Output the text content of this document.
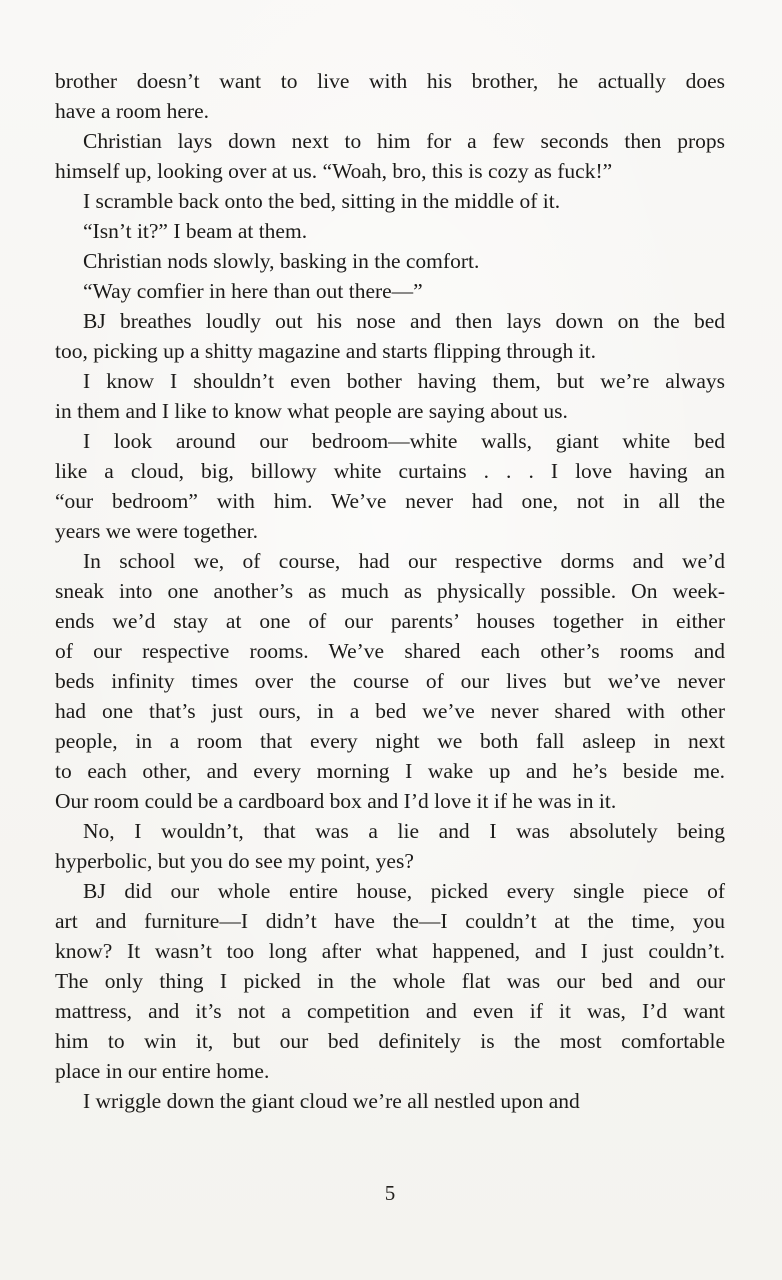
brother doesn’t want to live with his brother, he actually does
have a room here.
Christian lays down next to him for a few seconds then props
himself up, looking over at us. “Woah, bro, this is cozy as fuck!”
I scramble back onto the bed, sitting in the middle of it.
“Isn’t it?” I beam at them.
Christian nods slowly, basking in the comfort.
“Way comfier in here than out there—”
BJ breathes loudly out his nose and then lays down on the bed
too, picking up a shitty magazine and starts flipping through it.
I know I shouldn’t even bother having them, but we’re always
in them and I like to know what people are saying about us.
I look around our bedroom—white walls, giant white bed
like a cloud, big, billowy white curtains . . . I love having an
“our bedroom” with him. We’ve never had one, not in all the
years we were together.
In school we, of course, had our respective dorms and we’d
sneak into one another’s as much as physically possible. On week-
ends we’d stay at one of our parents’ houses together in either
of our respective rooms. We’ve shared each other’s rooms and
beds infinity times over the course of our lives but we’ve never
had one that’s just ours, in a bed we’ve never shared with other
people, in a room that every night we both fall asleep in next
to each other, and every morning I wake up and he’s beside me.
Our room could be a cardboard box and I’d love it if he was in it.
No, I wouldn’t, that was a lie and I was absolutely being
hyperbolic, but you do see my point, yes?
BJ did our whole entire house, picked every single piece of
art and furniture—I didn’t have the—I couldn’t at the time, you
know? It wasn’t too long after what happened, and I just couldn’t.
The only thing I picked in the whole flat was our bed and our
mattress, and it’s not a competition and even if it was, I’d want
him to win it, but our bed definitely is the most comfortable
place in our entire home.
I wriggle down the giant cloud we’re all nestled upon and
5
